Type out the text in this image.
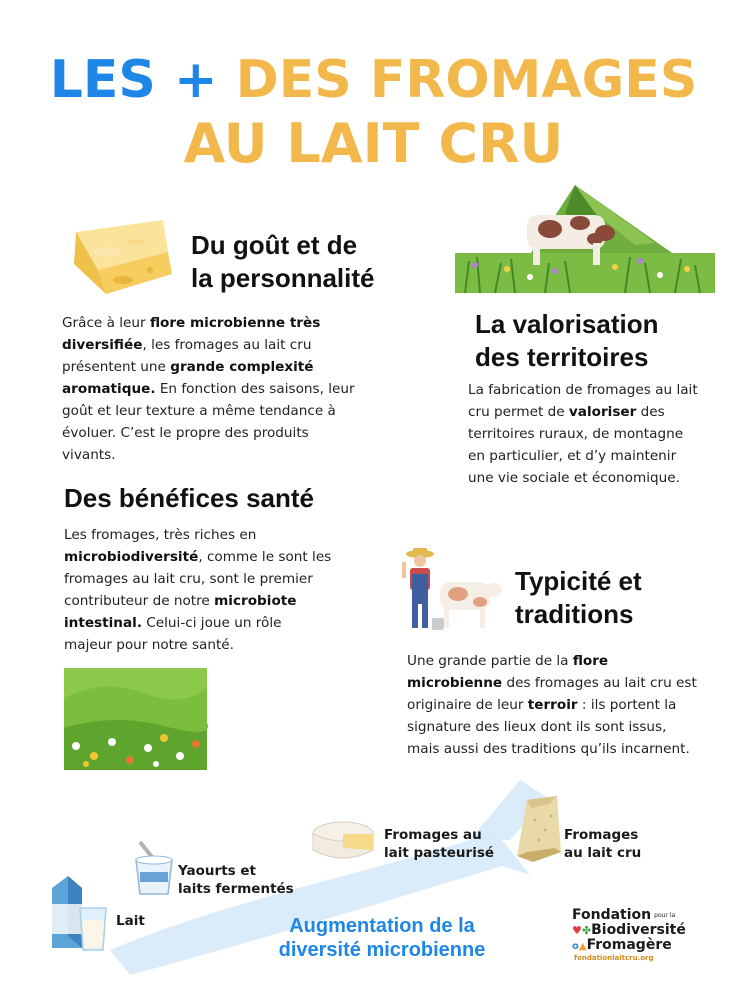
LES + DES FROMAGES
AU LAIT CRU
Du goût et de
la personnalité
Grâce à leur flore microbienne très diversifiée, les fromages au lait cru présentent une grande complexité aromatique. En fonction des saisons, leur goût et leur texture a même tendance à évoluer. C’est le propre des produits vivants.
La valorisation
des territoires
La fabrication de fromages au lait cru permet de valoriser des territoires ruraux, de montagne en particulier, et d’y maintenir une vie sociale et économique.
Des bénéfices santé
Les fromages, très riches en microbiodiversité, comme le sont les fromages au lait cru, sont le premier contributeur de notre microbiote intestinal. Celui-ci joue un rôle majeur pour notre santé.
Typicité et
traditions
Une grande partie de la flore microbienne des fromages au lait cru est originaire de leur terroir : ils portent la signature des lieux dont ils sont issus, mais aussi des traditions qu’ils incarnent.
Lait
Yaourts et
laits fermentés
Fromages au
lait pasteurisé
Fromages
au lait cru
Augmentation de la
diversité microbienne
Fondation $^{pour la}$
♥✤Biodiversité
o▲Fromagère
fondationlaitcru.org
